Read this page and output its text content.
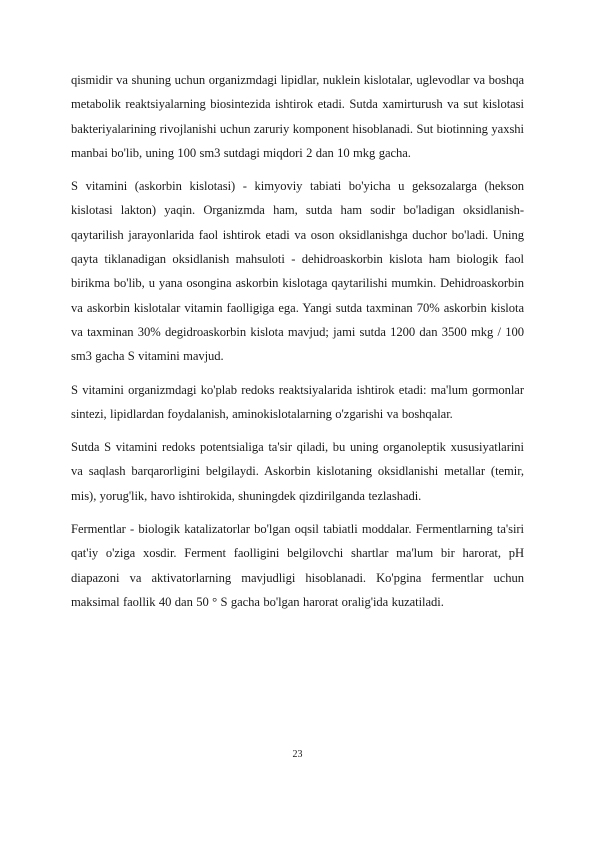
qismidir va shuning uchun organizmdagi lipidlar, nuklein kislotalar, uglevodlar va boshqa metabolik reaktsiyalarning biosintezida ishtirok etadi. Sutda xamirturush va sut kislotasi bakteriyalarining rivojlanishi uchun zaruriy komponent hisoblanadi. Sut biotinning yaxshi manbai bo'lib, uning 100 sm3 sutdagi miqdori 2 dan 10 mkg gacha.

S vitamini (askorbin kislotasi) - kimyoviy tabiati bo'yicha u geksozalarga (hekson kislotasi lakton) yaqin. Organizmda ham, sutda ham sodir bo'ladigan oksidlanish-qaytarilish jarayonlarida faol ishtirok etadi va oson oksidlanishga duchor bo'ladi. Uning qayta tiklanadigan oksidlanish mahsuloti - dehidroaskorbin kislota ham biologik faol birikma bo'lib, u yana osongina askorbin kislotaga qaytarilishi mumkin. Dehidroaskorbin va askorbin kislotalar vitamin faolligiga ega. Yangi sutda taxminan 70% askorbin kislota va taxminan 30% degidroaskorbin kislota mavjud; jami sutda 1200 dan 3500 mkg / 100 sm3 gacha S vitamini mavjud.

S vitamini organizmdagi ko'plab redoks reaktsiyalarida ishtirok etadi: ma'lum gormonlar sintezi, lipidlardan foydalanish, aminokislotalarning o'zgarishi va boshqalar.

Sutda S vitamini redoks potentsialiga ta'sir qiladi, bu uning organoleptik xususiyatlarini va saqlash barqarorligini belgilaydi. Askorbin kislotaning oksidlanishi metallar (temir, mis), yorug'lik, havo ishtirokida, shuningdek qizdirilganda tezlashadi.

Fermentlar - biologik katalizatorlar bo'lgan oqsil tabiatli moddalar. Fermentlarning ta'siri qat'iy o'ziga xosdir. Ferment faolligini belgilovchi shartlar ma'lum bir harorat, pH diapazoni va aktivatorlarning mavjudligi hisoblanadi. Ko'pgina fermentlar uchun maksimal faollik 40 dan 50 ° S gacha bo'lgan harorat oralig'ida kuzatiladi.

23
